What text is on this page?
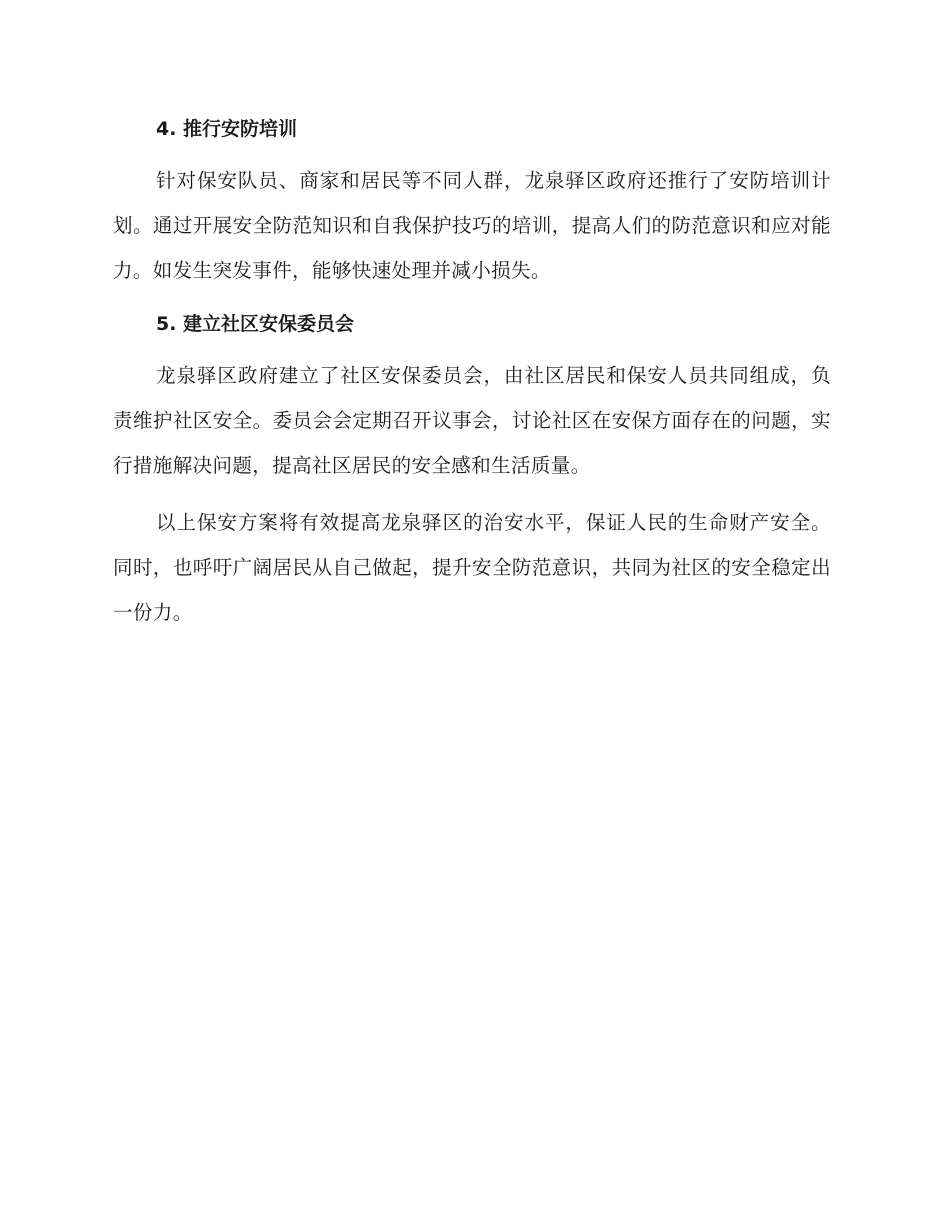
4. 推行安防培训

针对保安队员、商家和居民等不同人群，龙泉驿区政府还推行了安防培训计划。通过开展安全防范知识和自我保护技巧的培训，提高人们的防范意识和应对能力。如发生突发事件，能够快速处理并减小损失。

5. 建立社区安保委员会

龙泉驿区政府建立了社区安保委员会，由社区居民和保安人员共同组成，负责维护社区安全。委员会会定期召开议事会，讨论社区在安保方面存在的问题，实行措施解决问题，提高社区居民的安全感和生活质量。

以上保安方案将有效提高龙泉驿区的治安水平，保证人民的生命财产安全。同时，也呼吁广阔居民从自己做起，提升安全防范意识，共同为社区的安全稳定出一份力。
